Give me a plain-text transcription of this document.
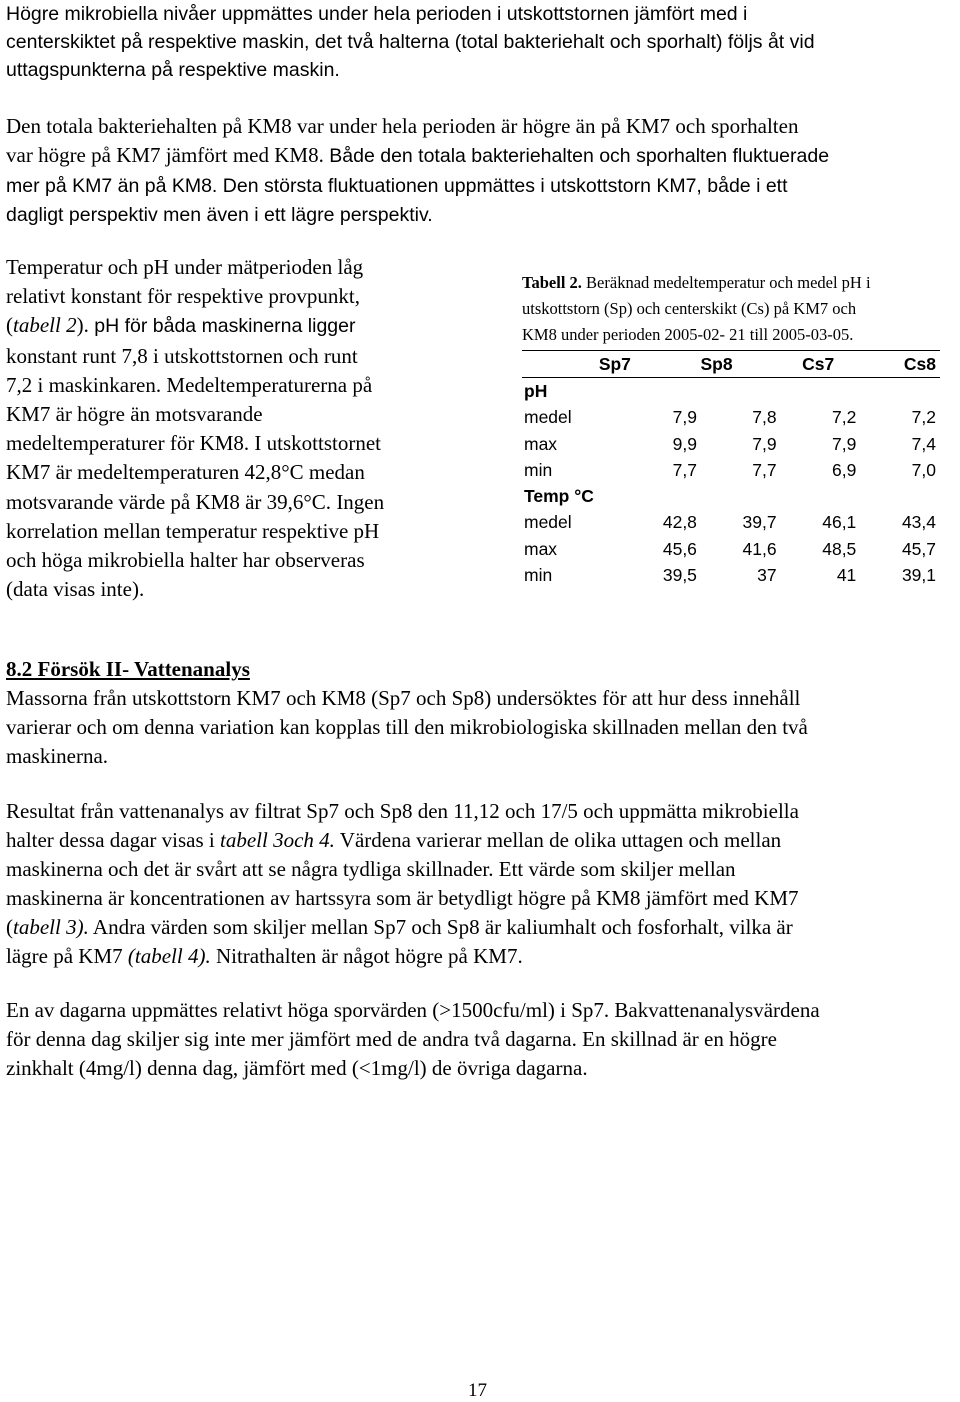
Högre mikrobiella nivåer uppmättes under hela perioden i utskottstornen jämfört med i

centerskiktet på respektive maskin, det två halterna (total bakteriehalt och sporhalt) följs åt vid

uttagspunkterna på respektive maskin.

Den totala bakteriehalten på KM8 var under hela perioden är högre än på KM7 och sporhalten

var högre på KM7 jämfört med KM8. Både den totala bakteriehalten och sporhalten fluktuerade

mer på KM7 än på KM8. Den största fluktuationen uppmättes i utskottstorn KM7, både i ett

dagligt perspektiv men även i ett lägre perspektiv.

Temperatur och pH under mätperioden låg

relativt konstant för respektive provpunkt,

(tabell 2). pH för båda maskinerna ligger

konstant runt 7,8 i utskottstornen och runt

7,2 i maskinkaren. Medeltemperaturerna på

KM7 är högre än motsvarande

medeltemperaturer för KM8. I utskottstornet

KM7 är medeltemperaturen 42,8°C medan

motsvarande värde på KM8 är 39,6°C. Ingen

korrelation mellan temperatur respektive pH

och höga mikrobiella halter har observeras

(data visas inte).

Tabell 2. Beräknad medeltemperatur och medel pH i

utskottstorn (Sp) och centerskikt (Cs) på KM7 och

KM8 under perioden 2005-02- 21 till 2005-03-05.

	Sp7	Sp8	Cs7	Cs8
pH				
medel	7,9	7,8	7,2	7,2
max	9,9	7,9	7,9	7,4
min	7,7	7,7	6,9	7,0
Temp °C				
medel	42,8	39,7	46,1	43,4
max	45,6	41,6	48,5	45,7
min	39,5	37	41	39,1

8.2 Försök II- Vattenanalys

Massorna från utskottstorn KM7 och KM8 (Sp7 och Sp8) undersöktes för att hur dess innehåll

varierar och om denna variation kan kopplas till den mikrobiologiska skillnaden mellan den två

maskinerna.

Resultat från vattenanalys av filtrat Sp7 och Sp8 den 11,12 och 17/5 och uppmätta mikrobiella

halter dessa dagar visas i tabell 3och 4. Värdena varierar mellan de olika uttagen och mellan

maskinerna och det är svårt att se några tydliga skillnader. Ett värde som skiljer mellan

maskinerna är koncentrationen av hartssyra som är betydligt högre på KM8 jämfört med KM7

(tabell 3). Andra värden som skiljer mellan Sp7 och Sp8 är kaliumhalt och fosforhalt, vilka är

lägre på KM7 (tabell 4). Nitrathalten är något högre på KM7.

En av dagarna uppmättes relativt höga sporvärden (>1500cfu/ml) i Sp7. Bakvattenanalysvärdena

för denna dag skiljer sig inte mer jämfört med de andra två dagarna. En skillnad är en högre

zinkhalt (4mg/l) denna dag, jämfört med (<1mg/l) de övriga dagarna.

17
